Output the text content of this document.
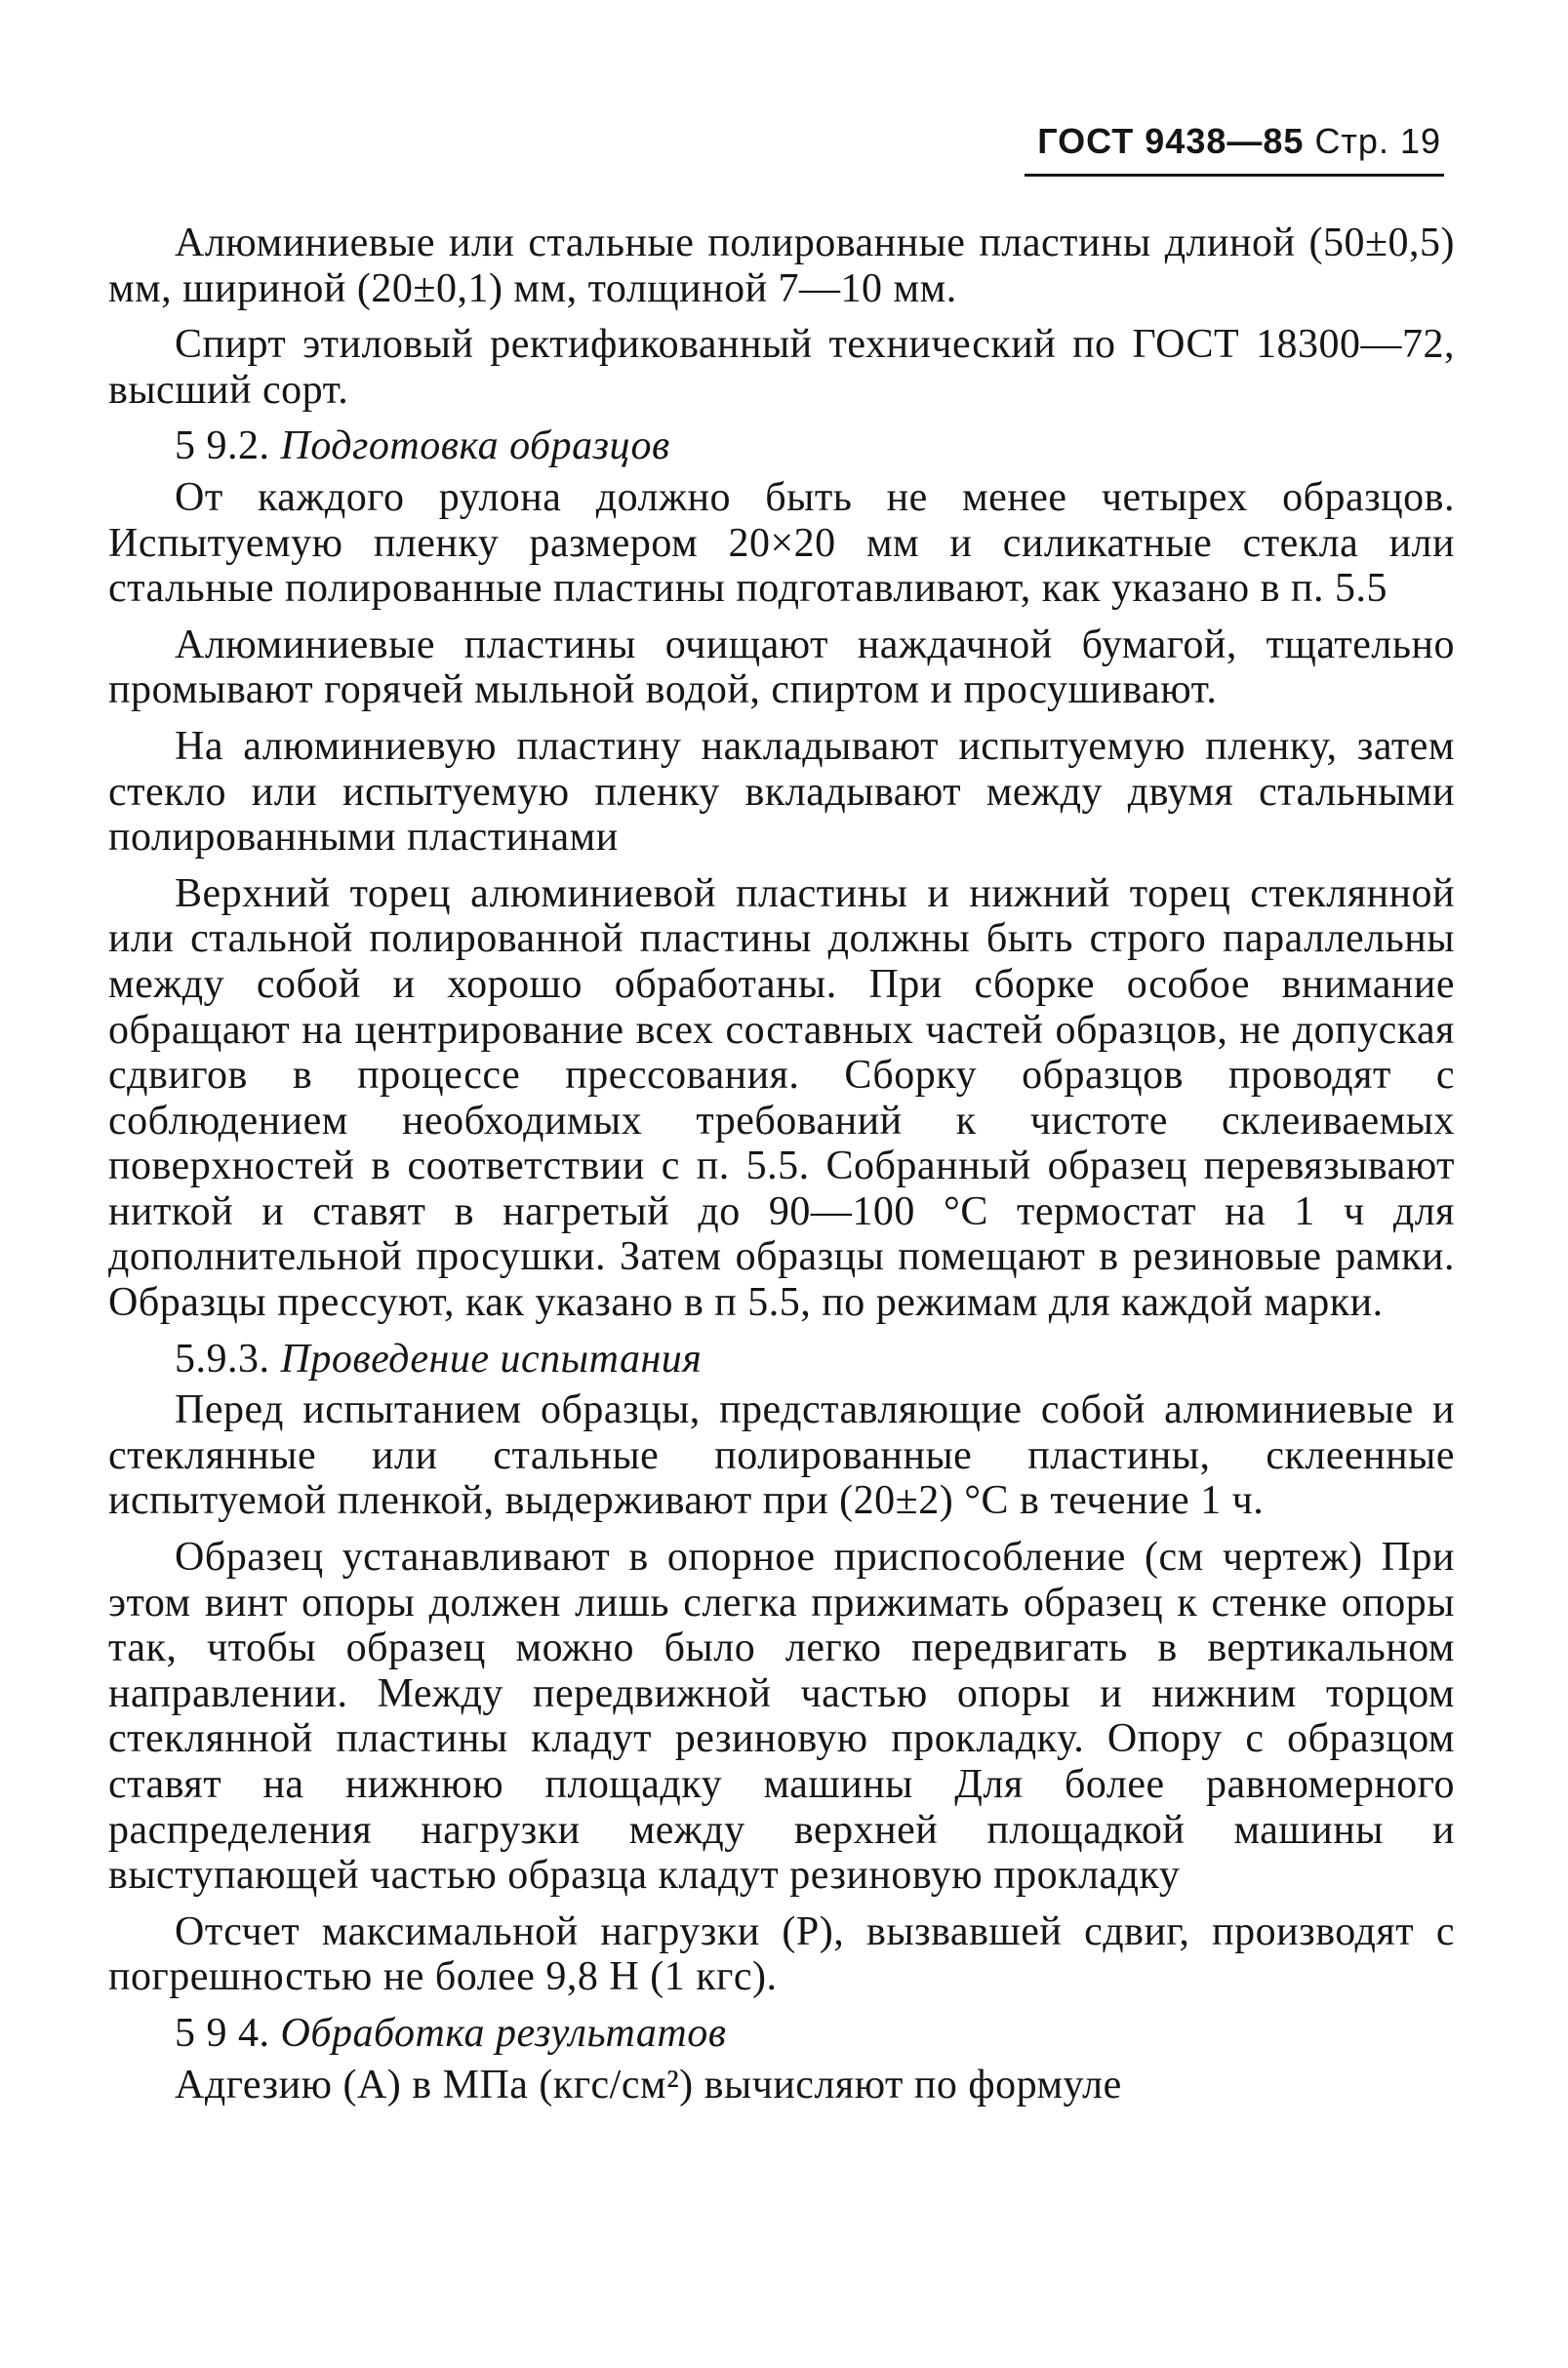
ГОСТ 9438—85 Стр. 19

Алюминиевые или стальные полированные пластины длиной (50±0,5) мм, шириной (20±0,1) мм, толщиной 7—10 мм.

Спирт этиловый ректификованный технический по ГОСТ 18300—72, высший сорт.

5 9.2. Подготовка образцов

От каждого рулона должно быть не менее четырех образцов. Испытуемую пленку размером 20×20 мм и силикатные стекла или стальные полированные пластины подготавливают, как указано в п. 5.5

Алюминиевые пластины очищают наждачной бумагой, тщательно промывают горячей мыльной водой, спиртом и просушивают.

На алюминиевую пластину накладывают испытуемую пленку, затем стекло или испытуемую пленку вкладывают между двумя стальными полированными пластинами

Верхний торец алюминиевой пластины и нижний торец стеклянной или стальной полированной пластины должны быть строго параллельны между собой и хорошо обработаны. При сборке особое внимание обращают на центрирование всех составных частей образцов, не допуская сдвигов в процессе прессования. Сборку образцов проводят с соблюдением необходимых требований к чистоте склеиваемых поверхностей в соответствии с п. 5.5. Собранный образец перевязывают ниткой и ставят в нагретый до 90—100 °С термостат на 1 ч для дополнительной просушки. Затем образцы помещают в резиновые рамки. Образцы прессуют, как указано в п 5.5, по режимам для каждой марки.

5.9.3. Проведение испытания

Перед испытанием образцы, представляющие собой алюминиевые и стеклянные или стальные полированные пластины, склеенные испытуемой пленкой, выдерживают при (20±2) °С в течение 1 ч.

Образец устанавливают в опорное приспособление (см чертеж) При этом винт опоры должен лишь слегка прижимать образец к стенке опоры так, чтобы образец можно было легко передвигать в вертикальном направлении. Между передвижной частью опоры и нижним торцом стеклянной пластины кладут резиновую прокладку. Опору с образцом ставят на нижнюю площадку машины Для более равномерного распределения нагрузки между верхней площадкой машины и выступающей частью образца кладут резиновую прокладку

Отсчет максимальной нагрузки (P), вызвавшей сдвиг, производят с погрешностью не более 9,8 Н (1 кгс).

5 9 4. Обработка результатов

Адгезию (A) в МПа (кгс/см²) вычисляют по формуле
